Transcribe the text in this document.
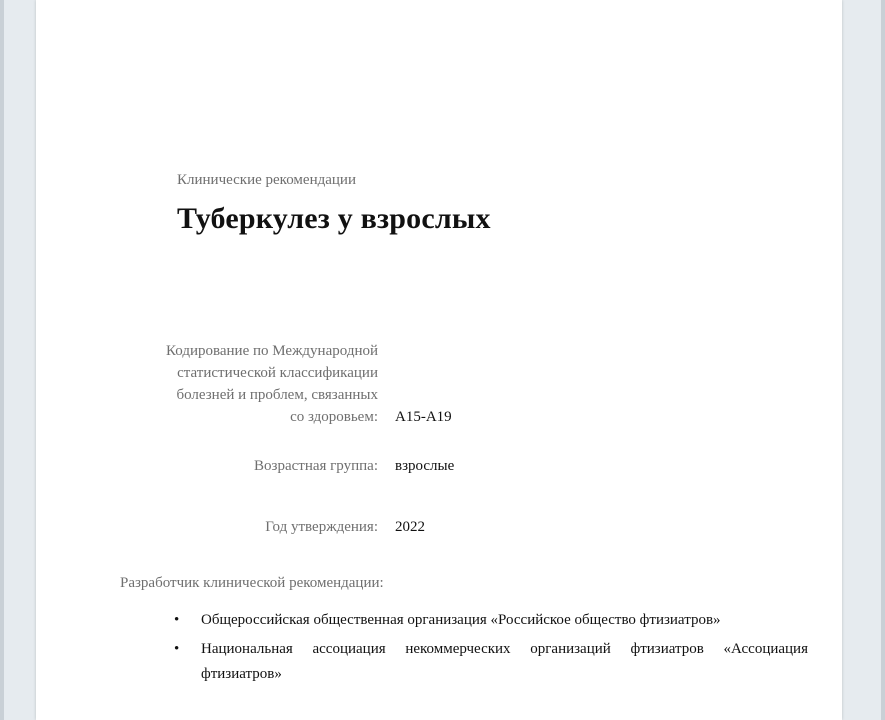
Клинические рекомендации
Туберкулез у взрослых
Кодирование по Международной
статистической классификации
болезней и проблем, связанных
со здоровьем: A15-A19
Возрастная группа: взрослые
Год утверждения: 2022
Разработчик клинической рекомендации:
• Общероссийская общественная организация «Российское общество фтизиатров»
• Национальная ассоциация некоммерческих организаций фтизиатров «Ассоциация фтизиатров»
